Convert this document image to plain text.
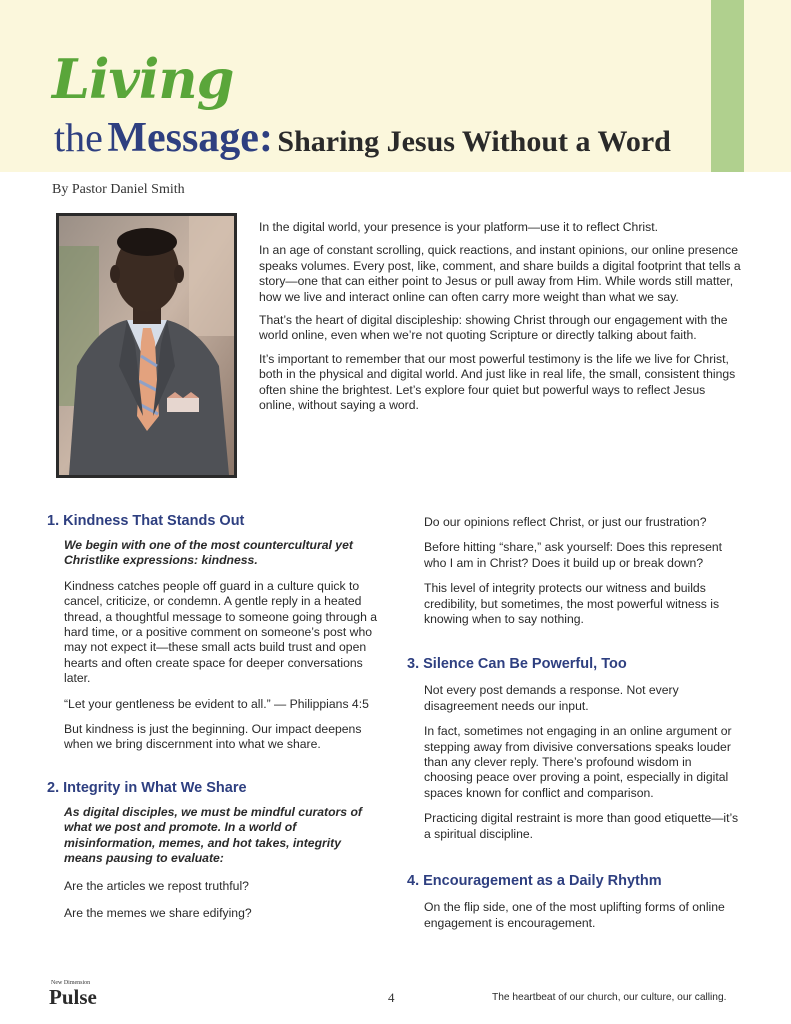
Living
the Message: Sharing Jesus Without a Word
By Pastor Daniel Smith

In the digital world, your presence is your platform—use it to reflect Christ.

In an age of constant scrolling, quick reactions, and instant opinions, our online presence speaks volumes. Every post, like, comment, and share builds a digital footprint that tells a story—one that can either point to Jesus or pull away from Him. While words still matter, how we live and interact online can often carry more weight than what we say.

That’s the heart of digital discipleship: showing Christ through our engagement with the world online, even when we’re not quoting Scripture or directly talking about faith.

It’s important to remember that our most powerful testimony is the life we live for Christ, both in the physical and digital world. And just like in real life, the small, consistent things often shine the brightest. Let’s explore four quiet but powerful ways to reflect Jesus online, without saying a word.

1. Kindness That Stands Out

We begin with one of the most countercultural yet Christlike expressions: kindness.

Kindness catches people off guard in a culture quick to cancel, criticize, or condemn. A gentle reply in a heated thread, a thoughtful message to someone going through a hard time, or a positive comment on someone’s post who may not expect it—these small acts build trust and open hearts and often create space for deeper conversations later.

“Let your gentleness be evident to all.” — Philippians 4:5

But kindness is just the beginning. Our impact deepens when we bring discernment into what we share.

2. Integrity in What We Share

As digital disciples, we must be mindful curators of what we post and promote. In a world of misinformation, memes, and hot takes, integrity means pausing to evaluate:

Are the articles we repost truthful?

Are the memes we share edifying?

Do our opinions reflect Christ, or just our frustration?

Before hitting “share,” ask yourself: Does this represent who I am in Christ? Does it build up or break down?

This level of integrity protects our witness and builds credibility, but sometimes, the most powerful witness is knowing when to say nothing.

3. Silence Can Be Powerful, Too

Not every post demands a response. Not every disagreement needs our input.

In fact, sometimes not engaging in an online argument or stepping away from divisive conversations speaks louder than any clever reply. There’s profound wisdom in choosing peace over proving a point, especially in digital spaces known for conflict and comparison.

Practicing digital restraint is more than good etiquette—it’s a spiritual discipline.

4. Encouragement as a Daily Rhythm

On the flip side, one of the most uplifting forms of online engagement is encouragement.

New Dimension
Pulse	4	The heartbeat of our church, our culture, our calling.
